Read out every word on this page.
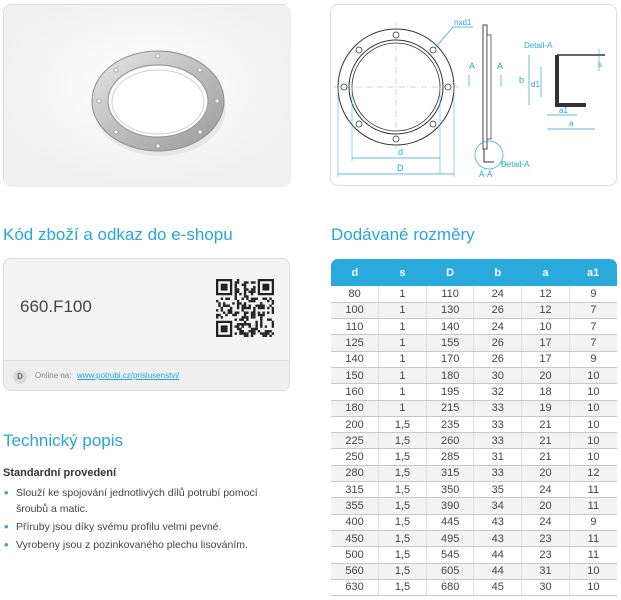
nxd1
d
D
A A
A-A
Detail-A
Detail-A
s
b d1
a1
a
Kód zboží a odkaz do e-shopu	Dodávané rozměry
Technický popis
660.F100
D	Online na: www.potrubi.cz/prislusenstvi/
Standardní provedení
• Slouží ke spojování jednotlivých dílů potrubí pomocí šroubů a matic.
• Příruby jsou díky svému profilu velmi pevné.
• Vyrobeny jsou z pozinkovaného plechu lisováním.
d	s	D	b	a	a1
80	1	110	24	12	9
100	1	130	26	12	7
110	1	140	24	10	7
125	1	155	26	17	7
140	1	170	26	17	9
150	1	180	30	20	10
160	1	195	32	18	10
180	1	215	33	19	10
200	1,5	235	33	21	10
225	1,5	260	33	21	10
250	1,5	285	31	21	10
280	1,5	315	33	20	12
315	1,5	350	35	24	11
355	1,5	390	34	20	11
400	1,5	445	43	24	9
450	1,5	495	43	23	11
500	1,5	545	44	23	11
560	1,5	605	44	31	10
630	1,5	680	45	30	10
